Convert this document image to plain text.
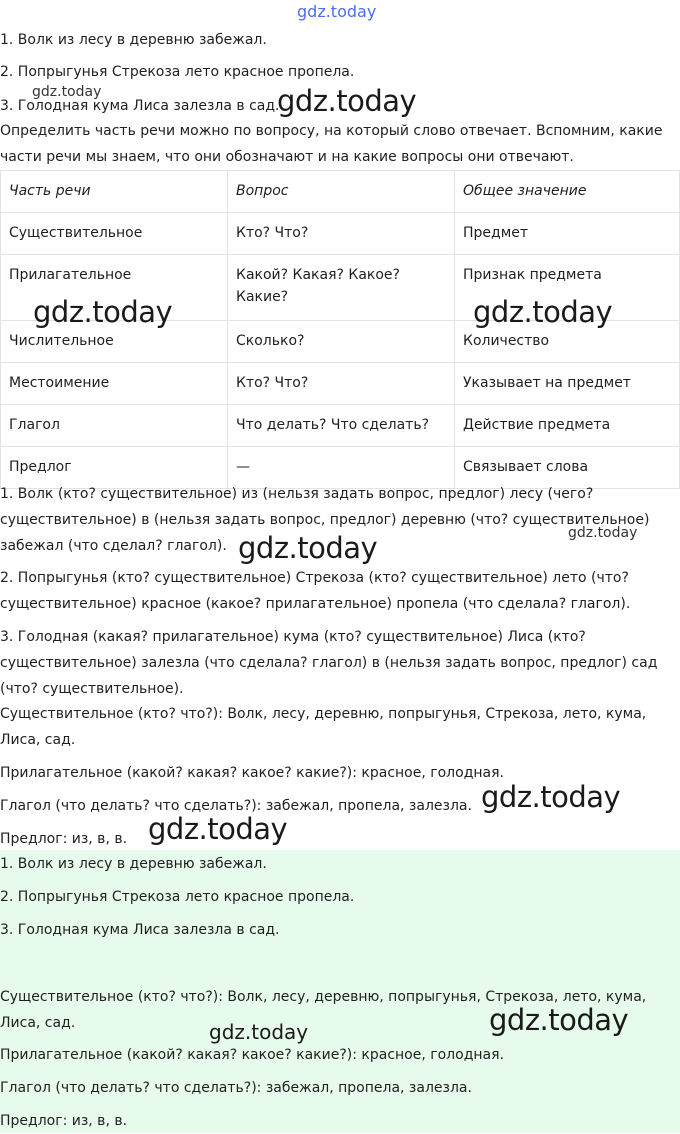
1. Волк из лесу в деревню забежал.
2. Попрыгунья Стрекоза лето красное пропела.
3. Голодная кума Лиса залезла в сад.
Определить часть речи можно по вопросу, на который слово отвечает. Вспомним, какие
части речи мы знаем, что они обозначают и на какие вопросы они отвечают.
Часть речи	Вопрос	Общее значение
Существительное	Кто? Что?	Предмет
Прилагательное	Какой? Какая? Какое? Какие?	Признак предмета
Числительное	Сколько?	Количество
Местоимение	Кто? Что?	Указывает на предмет
Глагол	Что делать? Что сделать?	Действие предмета
Предлог	—	Связывает слова
1. Волк (кто? существительное) из (нельзя задать вопрос, предлог) лесу (чего?
существительное) в (нельзя задать вопрос, предлог) деревню (что? существительное)
забежал (что сделал? глагол).
2. Попрыгунья (кто? существительное) Стрекоза (кто? существительное) лето (что?
существительное) красное (какое? прилагательное) пропела (что сделала? глагол).
3. Голодная (какая? прилагательное) кума (кто? существительное) Лиса (кто?
существительное) залезла (что сделала? глагол) в (нельзя задать вопрос, предлог) сад
(что? существительное).
Существительное (кто? что?): Волк, лесу, деревню, попрыгунья, Стрекоза, лето, кума,
Лиса, сад.
Прилагательное (какой? какая? какое? какие?): красное, голодная.
Глагол (что делать? что сделать?): забежал, пропела, залезла.
Предлог: из, в, в.
1. Волк из лесу в деревню забежал.
2. Попрыгунья Стрекоза лето красное пропела.
3. Голодная кума Лиса залезла в сад.
Существительное (кто? что?): Волк, лесу, деревню, попрыгунья, Стрекоза, лето, кума,
Лиса, сад.
Прилагательное (какой? какая? какое? какие?): красное, голодная.
Глагол (что делать? что сделать?): забежал, пропела, залезла.
Предлог: из, в, в.
gdz.today
gdz.today	gdz.today
gdz.today	gdz.today
gdz.today	gdz.today
gdz.today
gdz.today
gdz.today
gdz.today
